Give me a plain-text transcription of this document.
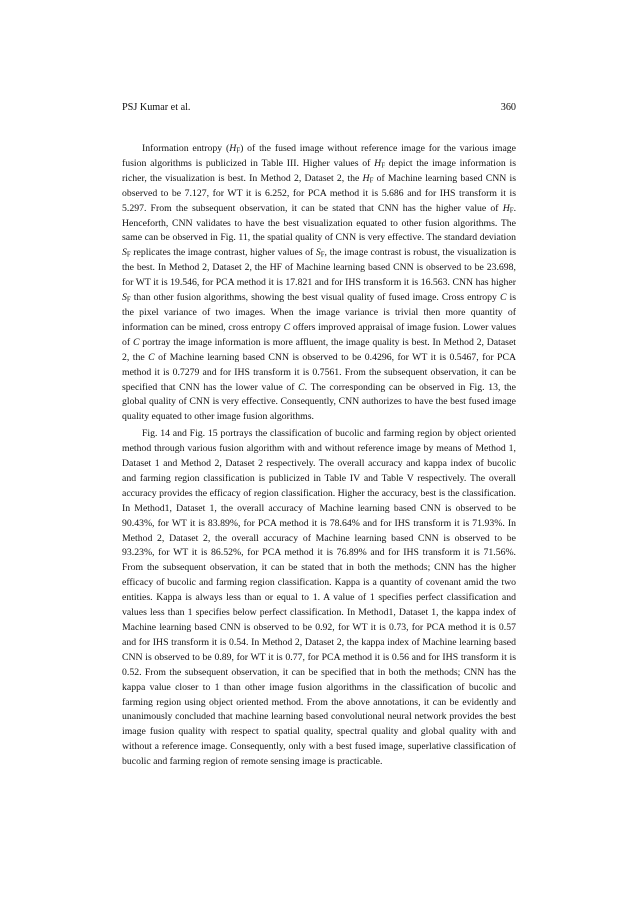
PSJ Kumar et al.	360

Information entropy $(H_F)$ of the fused image without reference image for the various image fusion algorithms is publicized in Table III. Higher values of $H_F$ depict the image information is richer, the visualization is best. In Method 2, Dataset 2, the $H_F$ of Machine learning based CNN is observed to be 7.127, for WT it is 6.252, for PCA method it is 5.686 and for IHS transform it is 5.297. From the subsequent observation, it can be stated that CNN has the higher value of $H_F$. Henceforth, CNN validates to have the best visualization equated to other fusion algorithms. The same can be observed in Fig. 11, the spatial quality of CNN is very effective. The standard deviation $S_F$ replicates the image contrast, higher values of $S_F$, the image contrast is robust, the visualization is the best. In Method 2, Dataset 2, the HF of Machine learning based CNN is observed to be 23.698, for WT it is 19.546, for PCA method it is 17.821 and for IHS transform it is 16.563. CNN has higher $S_F$ than other fusion algorithms, showing the best visual quality of fused image. Cross entropy C is the pixel variance of two images. When the image variance is trivial then more quantity of information can be mined, cross entropy C offers improved appraisal of image fusion. Lower values of C portray the image information is more affluent, the image quality is best. In Method 2, Dataset 2, the C of Machine learning based CNN is observed to be 0.4296, for WT it is 0.5467, for PCA method it is 0.7279 and for IHS transform it is 0.7561. From the subsequent observation, it can be specified that CNN has the lower value of C. The corresponding can be observed in Fig. 13, the global quality of CNN is very effective. Consequently, CNN authorizes to have the best fused image quality equated to other image fusion algorithms.

Fig. 14 and Fig. 15 portrays the classification of bucolic and farming region by object oriented method through various fusion algorithm with and without reference image by means of Method 1, Dataset 1 and Method 2, Dataset 2 respectively. The overall accuracy and kappa index of bucolic and farming region classification is publicized in Table IV and Table V respectively. The overall accuracy provides the efficacy of region classification. Higher the accuracy, best is the classification. In Method1, Dataset 1, the overall accuracy of Machine learning based CNN is observed to be 90.43%, for WT it is 83.89%, for PCA method it is 78.64% and for IHS transform it is 71.93%. In Method 2, Dataset 2, the overall accuracy of Machine learning based CNN is observed to be 93.23%, for WT it is 86.52%, for PCA method it is 76.89% and for IHS transform it is 71.56%. From the subsequent observation, it can be stated that in both the methods; CNN has the higher efficacy of bucolic and farming region classification. Kappa is a quantity of covenant amid the two entities. Kappa is always less than or equal to 1. A value of 1 specifies perfect classification and values less than 1 specifies below perfect classification. In Method1, Dataset 1, the kappa index of Machine learning based CNN is observed to be 0.92, for WT it is 0.73, for PCA method it is 0.57 and for IHS transform it is 0.54. In Method 2, Dataset 2, the kappa index of Machine learning based CNN is observed to be 0.89, for WT it is 0.77, for PCA method it is 0.56 and for IHS transform it is 0.52. From the subsequent observation, it can be specified that in both the methods; CNN has the kappa value closer to 1 than other image fusion algorithms in the classification of bucolic and farming region using object oriented method. From the above annotations, it can be evidently and unanimously concluded that machine learning based convolutional neural network provides the best image fusion quality with respect to spatial quality, spectral quality and global quality with and without a reference image. Consequently, only with a best fused image, superlative classification of bucolic and farming region of remote sensing image is practicable.
